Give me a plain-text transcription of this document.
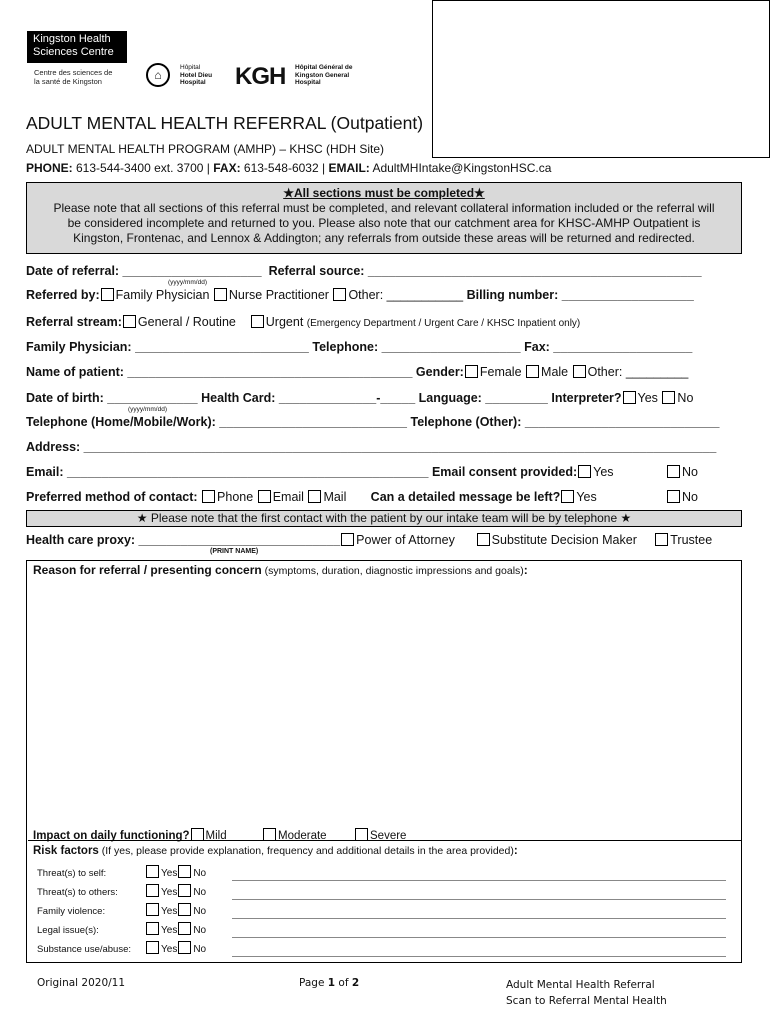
Kingston Health
Sciences Centre
Centre des sciences de
la santé de Kingston	⌂
Hôpital
Hotel Dieu
Hospital KGH Hôpital Général de
Kingston General
Hospital
ADULT MENTAL HEALTH REFERRAL (Outpatient)
ADULT MENTAL HEALTH PROGRAM (AMHP) – KHSC (HDH Site)
PHONE: 613-544-3400 ext. 3700 | FAX: 613-548-6032 | EMAIL: AdultMHIntake@KingstonHSC.ca
★All sections must be completed★
Please note that all sections of this referral must be completed, and relevant collateral information included or the referral will
be considered incomplete and returned to you. Please also note that our catchment area for KHSC-AMHP Outpatient is
Kingston, Frontenac, and Lennox & Addington; any referrals from outside these areas will be returned and redirected.
Date of referral: ____________________ Referral source: ________________________________________________
(yyyy/mm/dd)
Referred by: Family Physician Nurse Practitioner Other: ___________ Billing number: ___________________
Referral stream: General / Routine Urgent (Emergency Department / Urgent Care / KHSC Inpatient only)
Family Physician: _________________________ Telephone: ____________________ Fax: ____________________
Name of patient: _________________________________________ Gender: Female Male Other: _________
Date of birth: _____________ Health Card: ______________-_____ Language: _________ Interpreter? Yes No
(yyyy/mm/dd)
Telephone (Home/Mobile/Work): ___________________________ Telephone (Other): ____________________________
Address: ___________________________________________________________________________________________
Email: ____________________________________________________ Email consent provided: Yes	No
Preferred method of contact: Phone Email Mail Can a detailed message be left? Yes	No
★ Please note that the first contact with the patient by our intake team will be by telephone ★
Health care proxy: _____________________________ Power of Attorney	Substitute Decision Maker	Trustee
(PRINT NAME)
Reason for referral / presenting concern (symptoms, duration, diagnostic impressions and goals):
Impact on daily functioning? Mild	Moderate	Severe
Risk factors (If yes, please provide explanation, frequency and additional details in the area provided):
Threat(s) to self:	Yes No
Threat(s) to others:	Yes No
Family violence:	Yes No
Legal issue(s):	Yes No
Substance use/abuse:	Yes No
Original 2020/11	Page 1 of 2	Adult Mental Health Referral
Scan to Referral Mental Health
